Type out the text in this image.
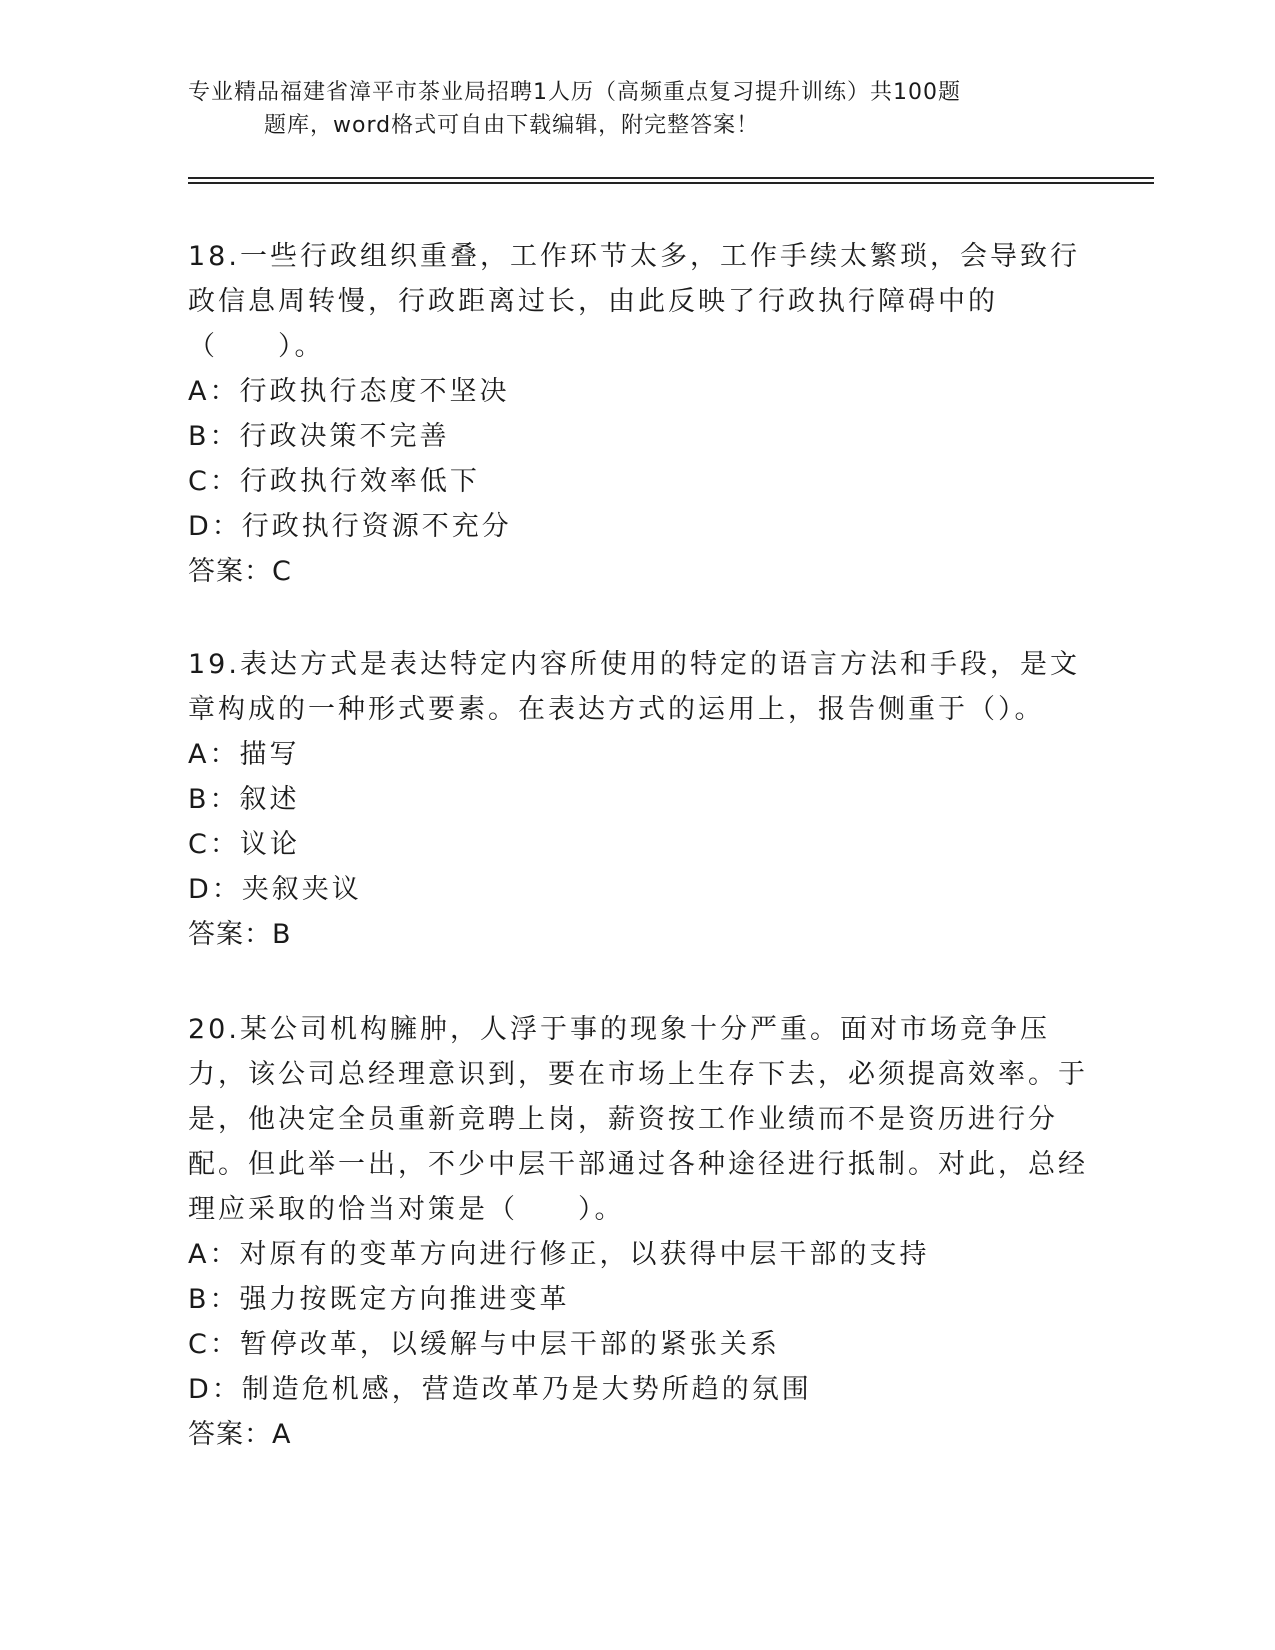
专业精品福建省漳平市茶业局招聘1人历（高频重点复习提升训练）共100题
题库，word格式可自由下载编辑，附完整答案！

18.一些行政组织重叠，工作环节太多，工作手续太繁琐，会导致行政信息周转慢，行政距离过长，由此反映了行政执行障碍中的（　　）。

A：行政执行态度不坚决

B：行政决策不完善

C：行政执行效率低下

D：行政执行资源不充分

答案：C

19.表达方式是表达特定内容所使用的特定的语言方法和手段，是文章构成的一种形式要素。在表达方式的运用上，报告侧重于（）。

A：描写

B：叙述

C：议论

D：夹叙夹议

答案：B

20.某公司机构臃肿，人浮于事的现象十分严重。面对市场竞争压力，该公司总经理意识到，要在市场上生存下去，必须提高效率。于是，他决定全员重新竞聘上岗，薪资按工作业绩而不是资历进行分配。但此举一出，不少中层干部通过各种途径进行抵制。对此，总经理应采取的恰当对策是（　　）。

A：对原有的变革方向进行修正，以获得中层干部的支持

B：强力按既定方向推进变革

C：暂停改革，以缓解与中层干部的紧张关系

D：制造危机感，营造改革乃是大势所趋的氛围

答案：A
